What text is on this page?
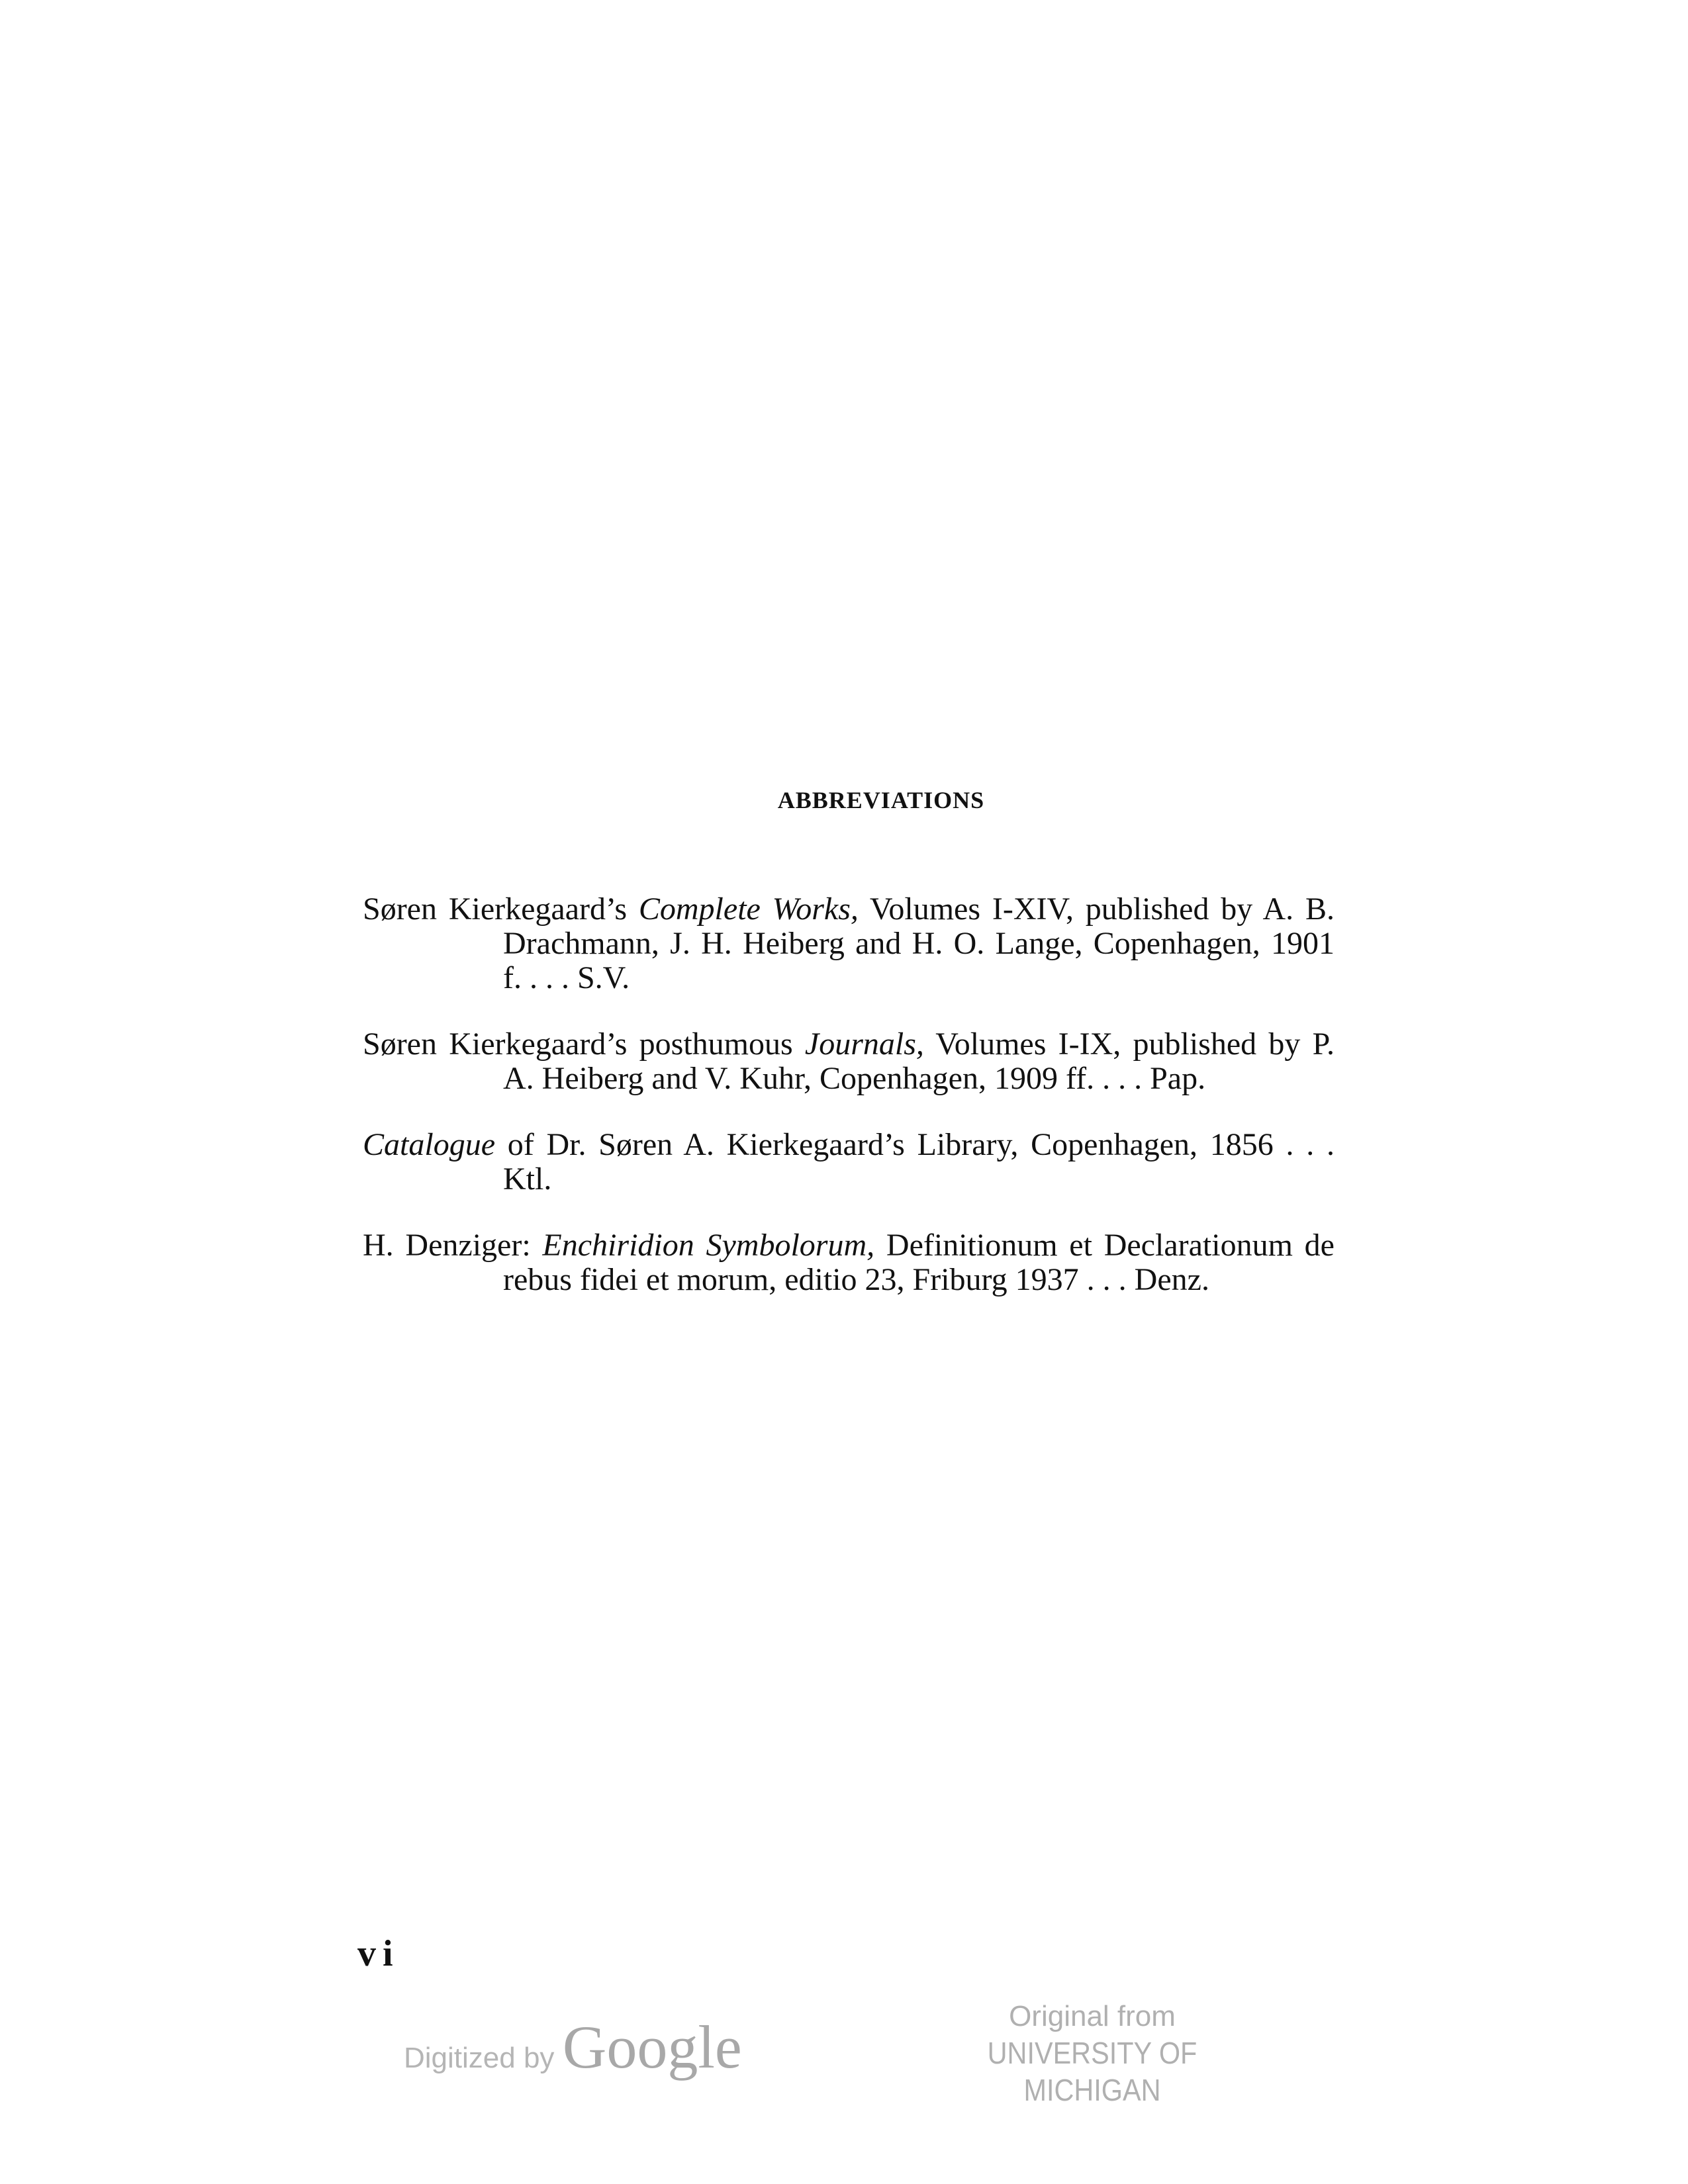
ABBREVIATIONS

Søren Kierkegaard’s Complete Works, Volumes I-XIV, published by A. B. Drachmann, J. H. Heiberg and H. O. Lange, Copenhagen, 1901 f. . . . S.V.

Søren Kierkegaard’s posthumous Journals, Volumes I-IX, published by P. A. Heiberg and V. Kuhr, Copenhagen, 1909 ff. . . . Pap.

Catalogue of Dr. Søren A. Kierkegaard’s Library, Copenhagen, 1856 . . . Ktl.

H. Denziger: Enchiridion Symbolorum, Definitionum et Declarationum de rebus fidei et morum, editio 23, Friburg 1937 . . . Denz.

vi
Digitized by Google	Original from
UNIVERSITY OF MICHIGAN
